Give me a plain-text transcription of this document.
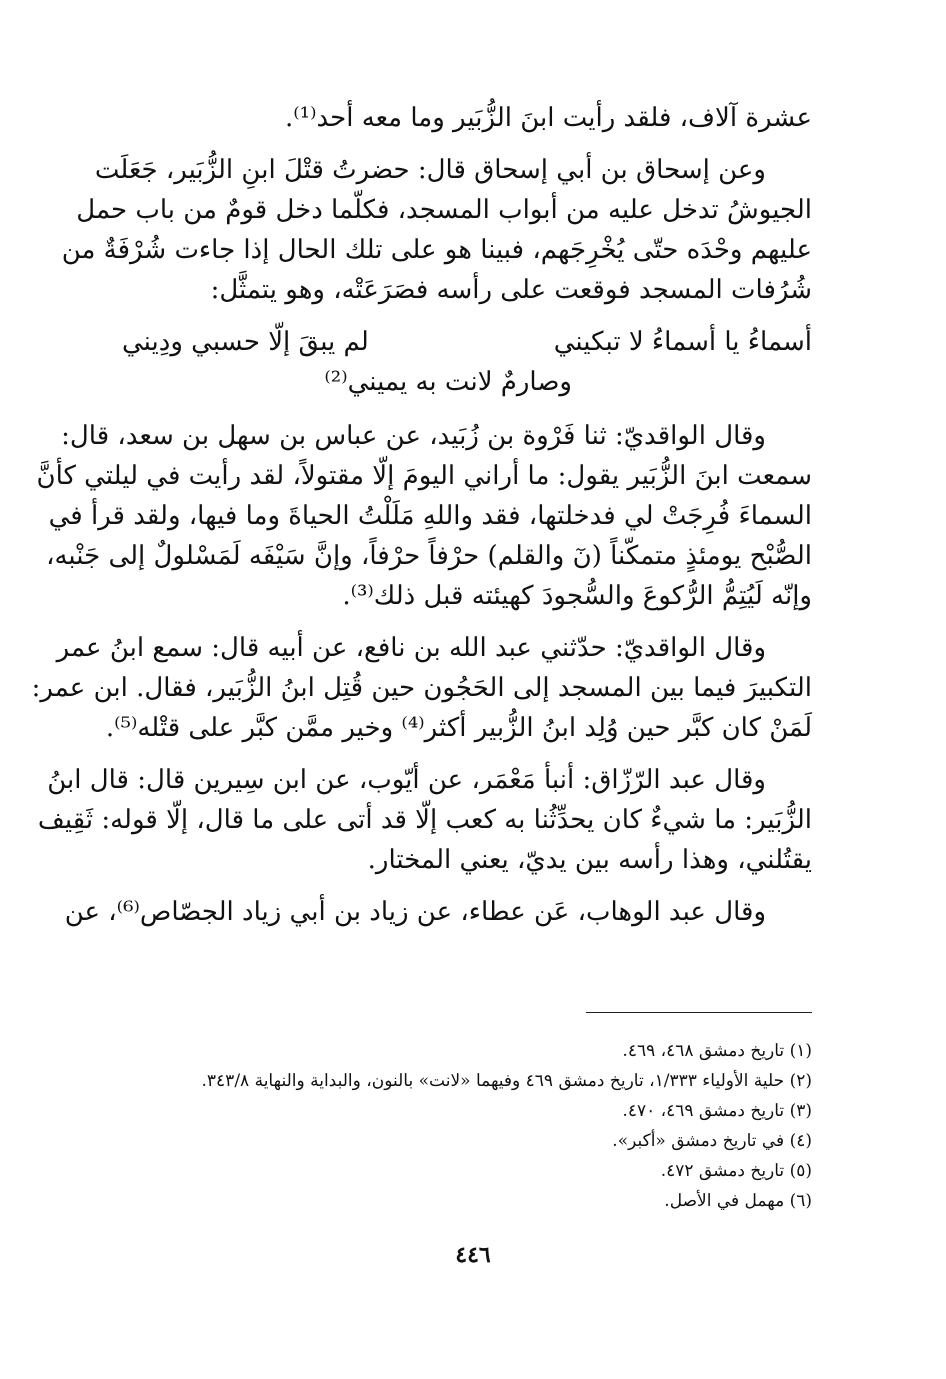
عشرة آلاف، فلقد رأيت ابنَ الزُّبَير وما معه أحد⁽¹⁾.
وعن إسحاق بن أبي إسحاق قال: حضرتُ قتْلَ ابنِ الزُّبَير، جَعَلَت
الجيوشُ تدخل عليه من أبواب المسجد، فكلّما دخل قومٌ من باب حمل
عليهم وحْدَه حتّى يُخْرِجَهم، فبينا هو على تلك الحال إذا جاءت شُرْفَةٌ من
شُرُفات المسجد فوقعت على رأسه فصَرَعَتْه، وهو يتمثَّل:
أسماءُ يا أسماءُ لا تبكيني
لم يبقَ إلّا حسبي ودِيني
وصارمٌ لانت به يميني⁽²⁾
وقال الواقديّ: ثنا فَرْوة بن زُبَيد، عن عباس بن سهل بن سعد، قال:
سمعت ابنَ الزُّبَير يقول: ما أراني اليومَ إلّا مقتولاً، لقد رأيت في ليلتي كأنَّ
السماءَ فُرِجَتْ لي فدخلتها، فقد واللهِ مَلَلْتُ الحياةَ وما فيها، ولقد قرأ في
الصُّبْح يومئذٍ متمكّناً (نٓ والقلم) حرْفاً حرْفاً، وإنَّ سَيْفَه لَمَسْلولٌ إلى جَنْبه،
وإنّه لَيُتِمُّ الرُّكوعَ والسُّجودَ كهيئته قبل ذلك⁽³⁾.
وقال الواقديّ: حدّثني عبد الله بن نافع، عن أبيه قال: سمع ابنُ عمر
التكبيرَ فيما بين المسجد إلى الحَجُون حين قُتِل ابنُ الزُّبَير، فقال. ابن عمر:
لَمَنْ كان كبَّر حين وُلِد ابنُ الزُّبير أكثر⁽⁴⁾ وخير ممَّن كبَّر على قتْله⁽⁵⁾.
وقال عبد الرّزّاق: أنبأ مَعْمَر، عن أيّوب، عن ابن سِيرين قال: قال ابنُ
الزُّبَير: ما شيءٌ كان يحدِّثُنا به كعب إلّا قد أتى على ما قال، إلّا قوله: ثَقِيف
يقتُلني، وهذا رأسه بين يديّ، يعني المختار.
وقال عبد الوهاب، عَن عطاء، عن زياد بن أبي زياد الجصّاص⁽⁶⁾، عن
(١) تاريخ دمشق ٤٦٨، ٤٦٩.
(٢) حلية الأولياء ١/٣٣٣، تاريخ دمشق ٤٦٩ وفيهما «لانت» بالنون، والبداية والنهاية ٣٤٣/٨.
(٣) تاريخ دمشق ٤٦٩، ٤٧٠.
(٤) في تاريخ دمشق «أكبر».
(٥) تاريخ دمشق ٤٧٢.
(٦) مهمل في الأصل.
٤٤٦
